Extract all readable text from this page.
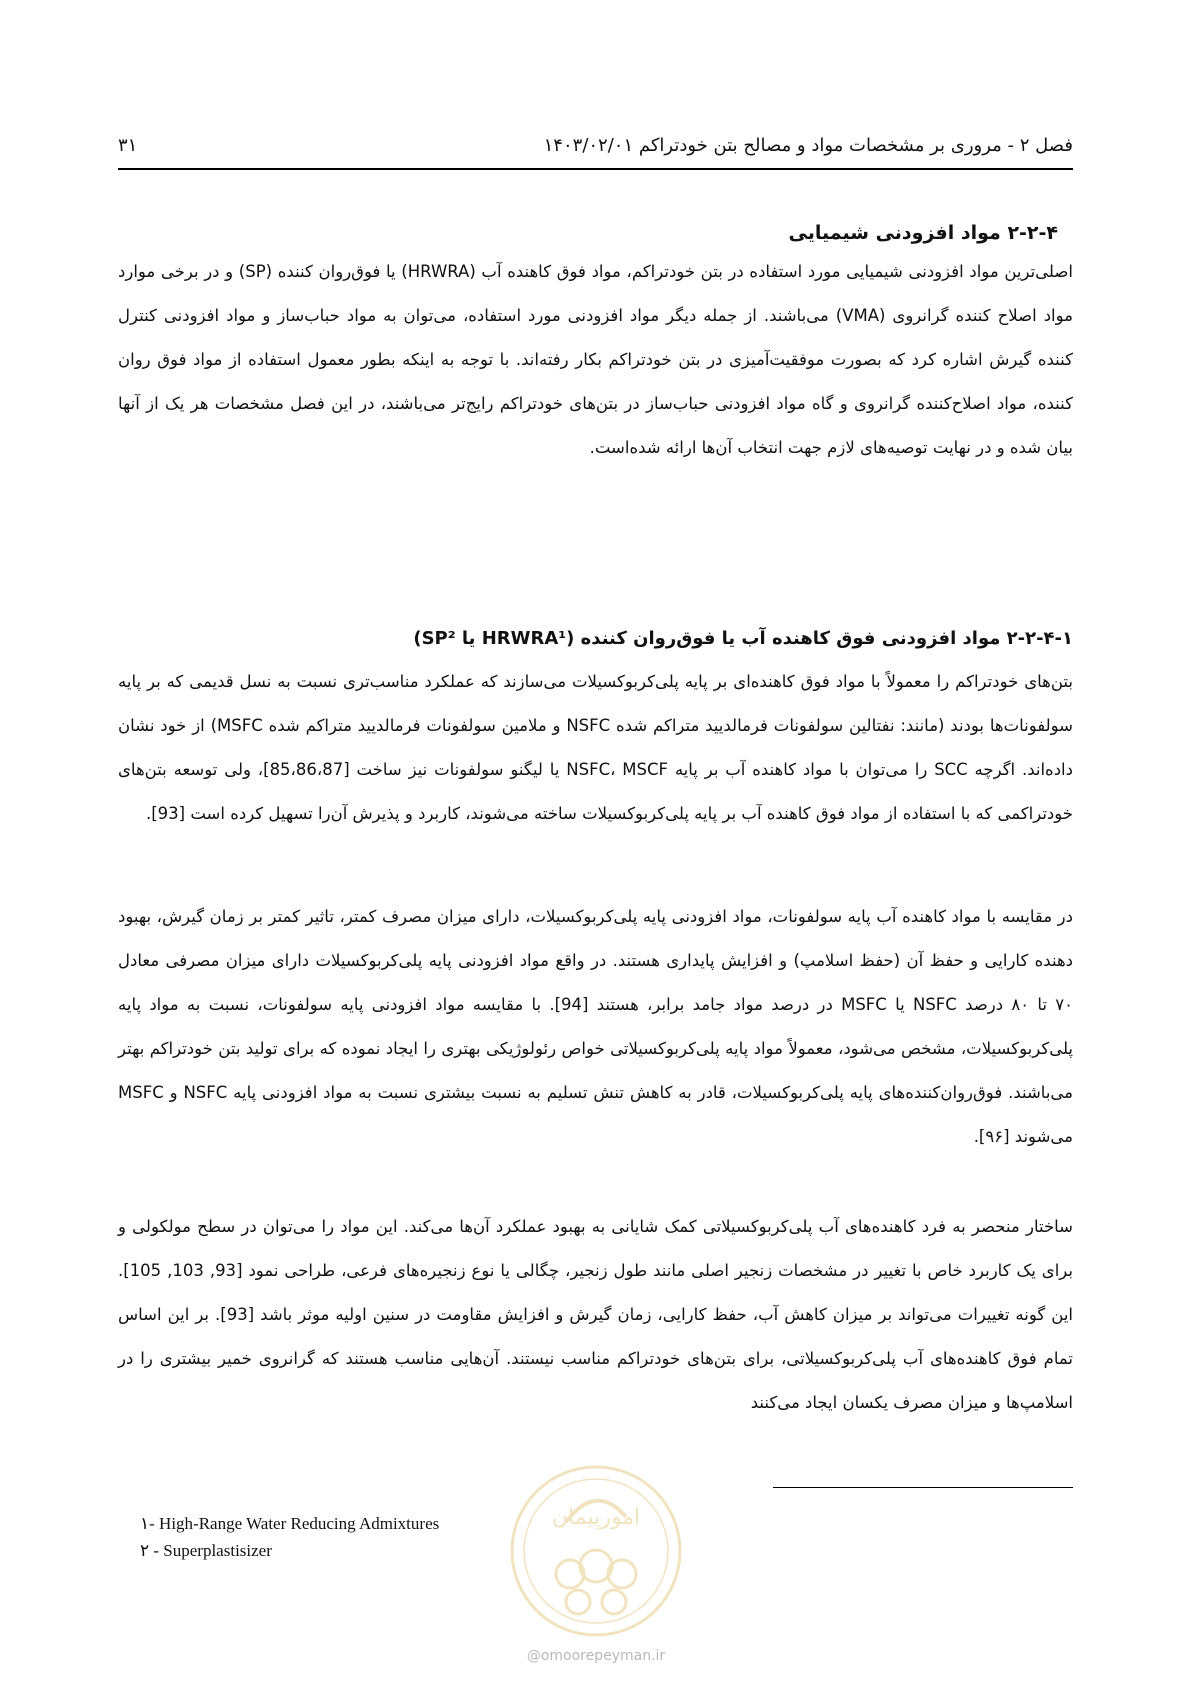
فصل ۲ - مروری بر مشخصات مواد و مصالح بتن خودتراکم ۱۴۰۳/۰۲/۰۱
۳۱
۲-۲-۴ مواد افزودنی شیمیایی
اصلی‌ترین مواد افزودنی شیمیایی مورد استفاده در بتن خودتراکم، مواد فوق کاهنده آب (HRWRA) یا فوق‌روان کننده (SP) و در برخی موارد مواد اصلاح کننده گرانروی (VMA) می‌باشند. از جمله دیگر مواد افزودنی مورد استفاده، می‌توان به مواد حباب‌ساز و مواد افزودنی کنترل کننده گیرش اشاره کرد که بصورت موفقیت‌آمیزی در بتن خودتراکم بکار رفته‌اند. با توجه به اینکه بطور معمول استفاده از مواد فوق روان کننده، مواد اصلاح‌کننده گرانروی و گاه مواد افزودنی حباب‌ساز در بتن‌های خودتراکم رایج‌تر می‌باشند، در این فصل مشخصات هر یک از آنها بیان شده و در نهایت توصیه‌های لازم جهت انتخاب آن‌ها ارائه شده‌است.
۲-۲-۴-۱ مواد افزودنی فوق کاهنده آب یا فوق‌روان کننده (HRWRA¹ یا SP²)
بتن‌های خودتراکم را معمولاً با مواد فوق کاهنده‌ای بر پایه پلی‌کربوکسیلات می‌سازند که عملکرد مناسب‌تری نسبت به نسل قدیمی که بر پایه سولفونات‌ها بودند (مانند: نفتالین سولفونات فرمالدیید متراکم شده NSFC و ملامین سولفونات فرمالدیید متراکم شده MSFC) از خود نشان داده‌اند. اگرچه SCC را می‌توان با مواد کاهنده آب بر پایه NSFC، MSCF یا لیگنو سولفونات نیز ساخت [85،86،87]، ولی توسعه بتن‌های خودتراکمی که با استفاده از مواد فوق کاهنده آب بر پایه پلی‌کربوکسیلات ساخته می‌شوند، کاربرد و پذیرش آن‌را تسهیل کرده است [93].
در مقایسه با مواد کاهنده آب پایه سولفونات، مواد افزودنی پایه پلی‌کربوکسیلات، دارای میزان مصرف کمتر، تاثیر کمتر بر زمان گیرش، بهبود دهنده کارایی و حفظ آن (حفظ اسلامپ) و افزایش پایداری هستند. در واقع مواد افزودنی پایه پلی‌کربوکسیلات دارای میزان مصرفی معادل ۷۰ تا ۸۰ درصد NSFC یا MSFC در درصد مواد جامد برابر، هستند [94]. با مقایسه مواد افزودنی پایه سولفونات، نسبت به مواد پایه پلی‌کربوکسیلات، مشخص می‌شود، معمولاً مواد پایه پلی‌کربوکسیلاتی خواص رئولوژیکی بهتری را ایجاد نموده که برای تولید بتن خودتراکم بهتر می‌باشند. فوق‌روان‌کننده‌های پایه پلی‌کربوکسیلات، قادر به کاهش تنش تسلیم به نسبت بیشتری نسبت به مواد افزودنی پایه NSFC و MSFC می‌شوند [۹۶].
ساختار منحصر به فرد کاهنده‌های آب پلی‌کربوکسیلاتی کمک شایانی به بهبود عملکرد آن‌ها می‌کند. این مواد را می‌توان در سطح مولکولی و برای یک کاربرد خاص با تغییر در مشخصات زنجیر اصلی مانند طول زنجیر، چگالی یا نوع زنجیره‌های فرعی، طراحی نمود [93, 103, 105]. این گونه تغییرات می‌تواند بر میزان کاهش آب، حفظ کارایی، زمان گیرش و افزایش مقاومت در سنین اولیه موثر باشد [93]. بر این اساس تمام فوق کاهنده‌های آب پلی‌کربوکسیلاتی، برای بتن‌های خودتراکم مناسب نیستند. آن‌هایی مناسب هستند که گرانروی خمیر بیشتری را در اسلامپ‌ها و میزان مصرف یکسان ایجاد می‌کنند
١- High-Range Water Reducing Admixtures
٢ - Superplastisizer
امورپیمان
@omoorepeyman.ir
